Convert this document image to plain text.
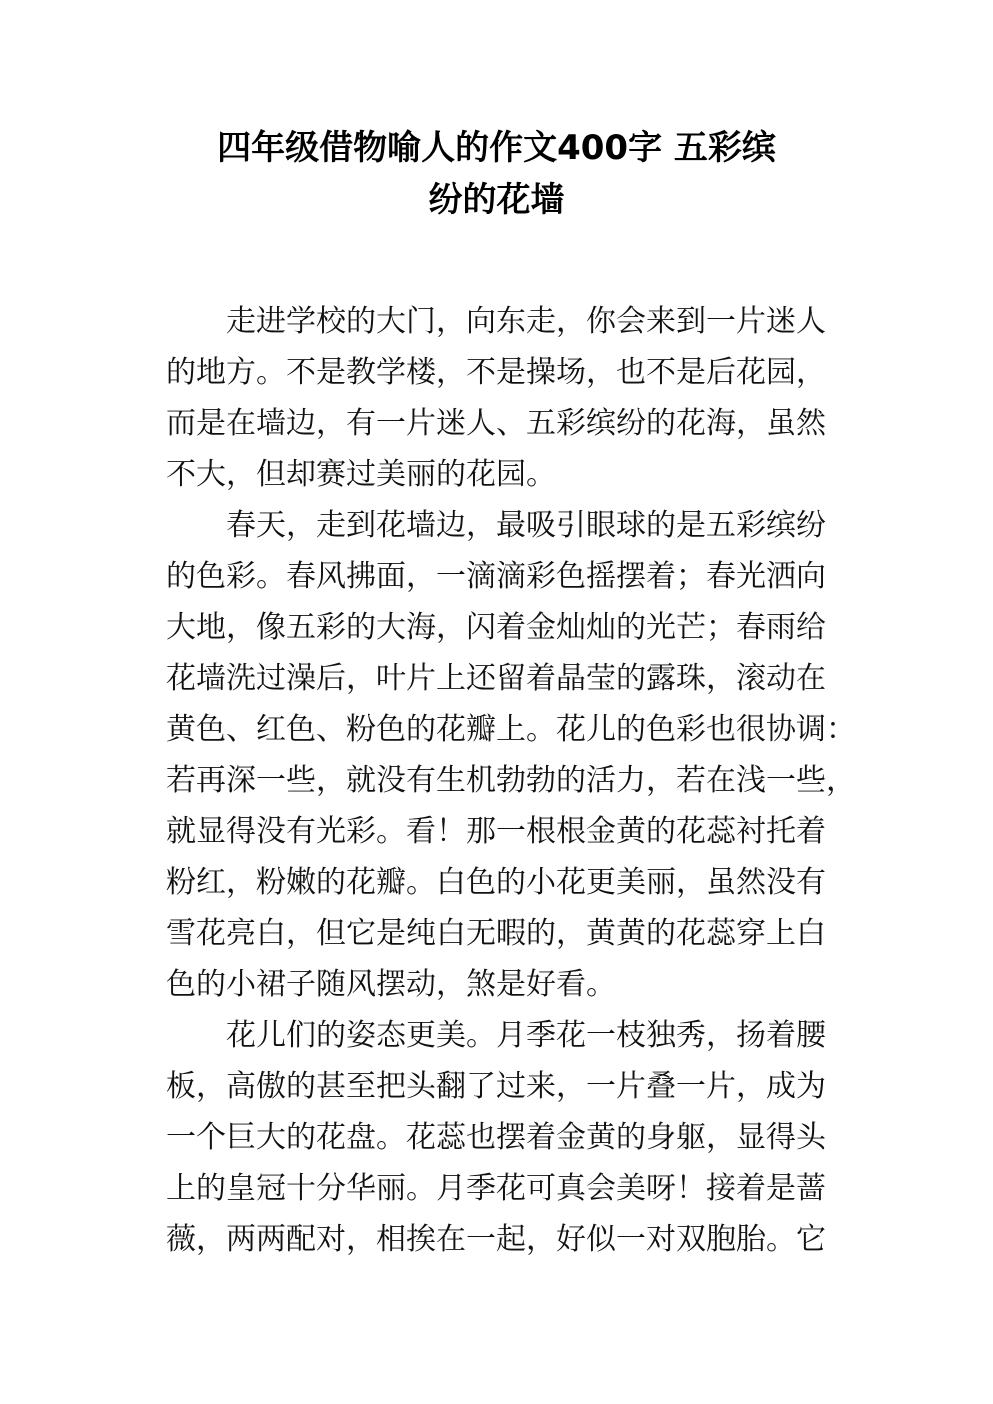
四年级借物喻人的作文400字 五彩缤
纷的花墙

走进学校的大门，向东走，你会来到一片迷人

的地方。不是教学楼，不是操场，也不是后花园，

而是在墙边，有一片迷人、五彩缤纷的花海，虽然

不大，但却赛过美丽的花园。

春天，走到花墙边，最吸引眼球的是五彩缤纷

的色彩。春风拂面，一滴滴彩色摇摆着；春光洒向

大地，像五彩的大海，闪着金灿灿的光芒；春雨给

花墙洗过澡后，叶片上还留着晶莹的露珠，滚动在

黄色、红色、粉色的花瓣上。花儿的色彩也很协调：

若再深一些，就没有生机勃勃的活力，若在浅一些，

就显得没有光彩。看！那一根根金黄的花蕊衬托着

粉红，粉嫩的花瓣。白色的小花更美丽，虽然没有

雪花亮白，但它是纯白无暇的，黄黄的花蕊穿上白

色的小裙子随风摆动，煞是好看。

花儿们的姿态更美。月季花一枝独秀，扬着腰

板，高傲的甚至把头翻了过来，一片叠一片，成为

一个巨大的花盘。花蕊也摆着金黄的身躯，显得头

上的皇冠十分华丽。月季花可真会美呀！接着是蔷

薇，两两配对，相挨在一起，好似一对双胞胎。它
